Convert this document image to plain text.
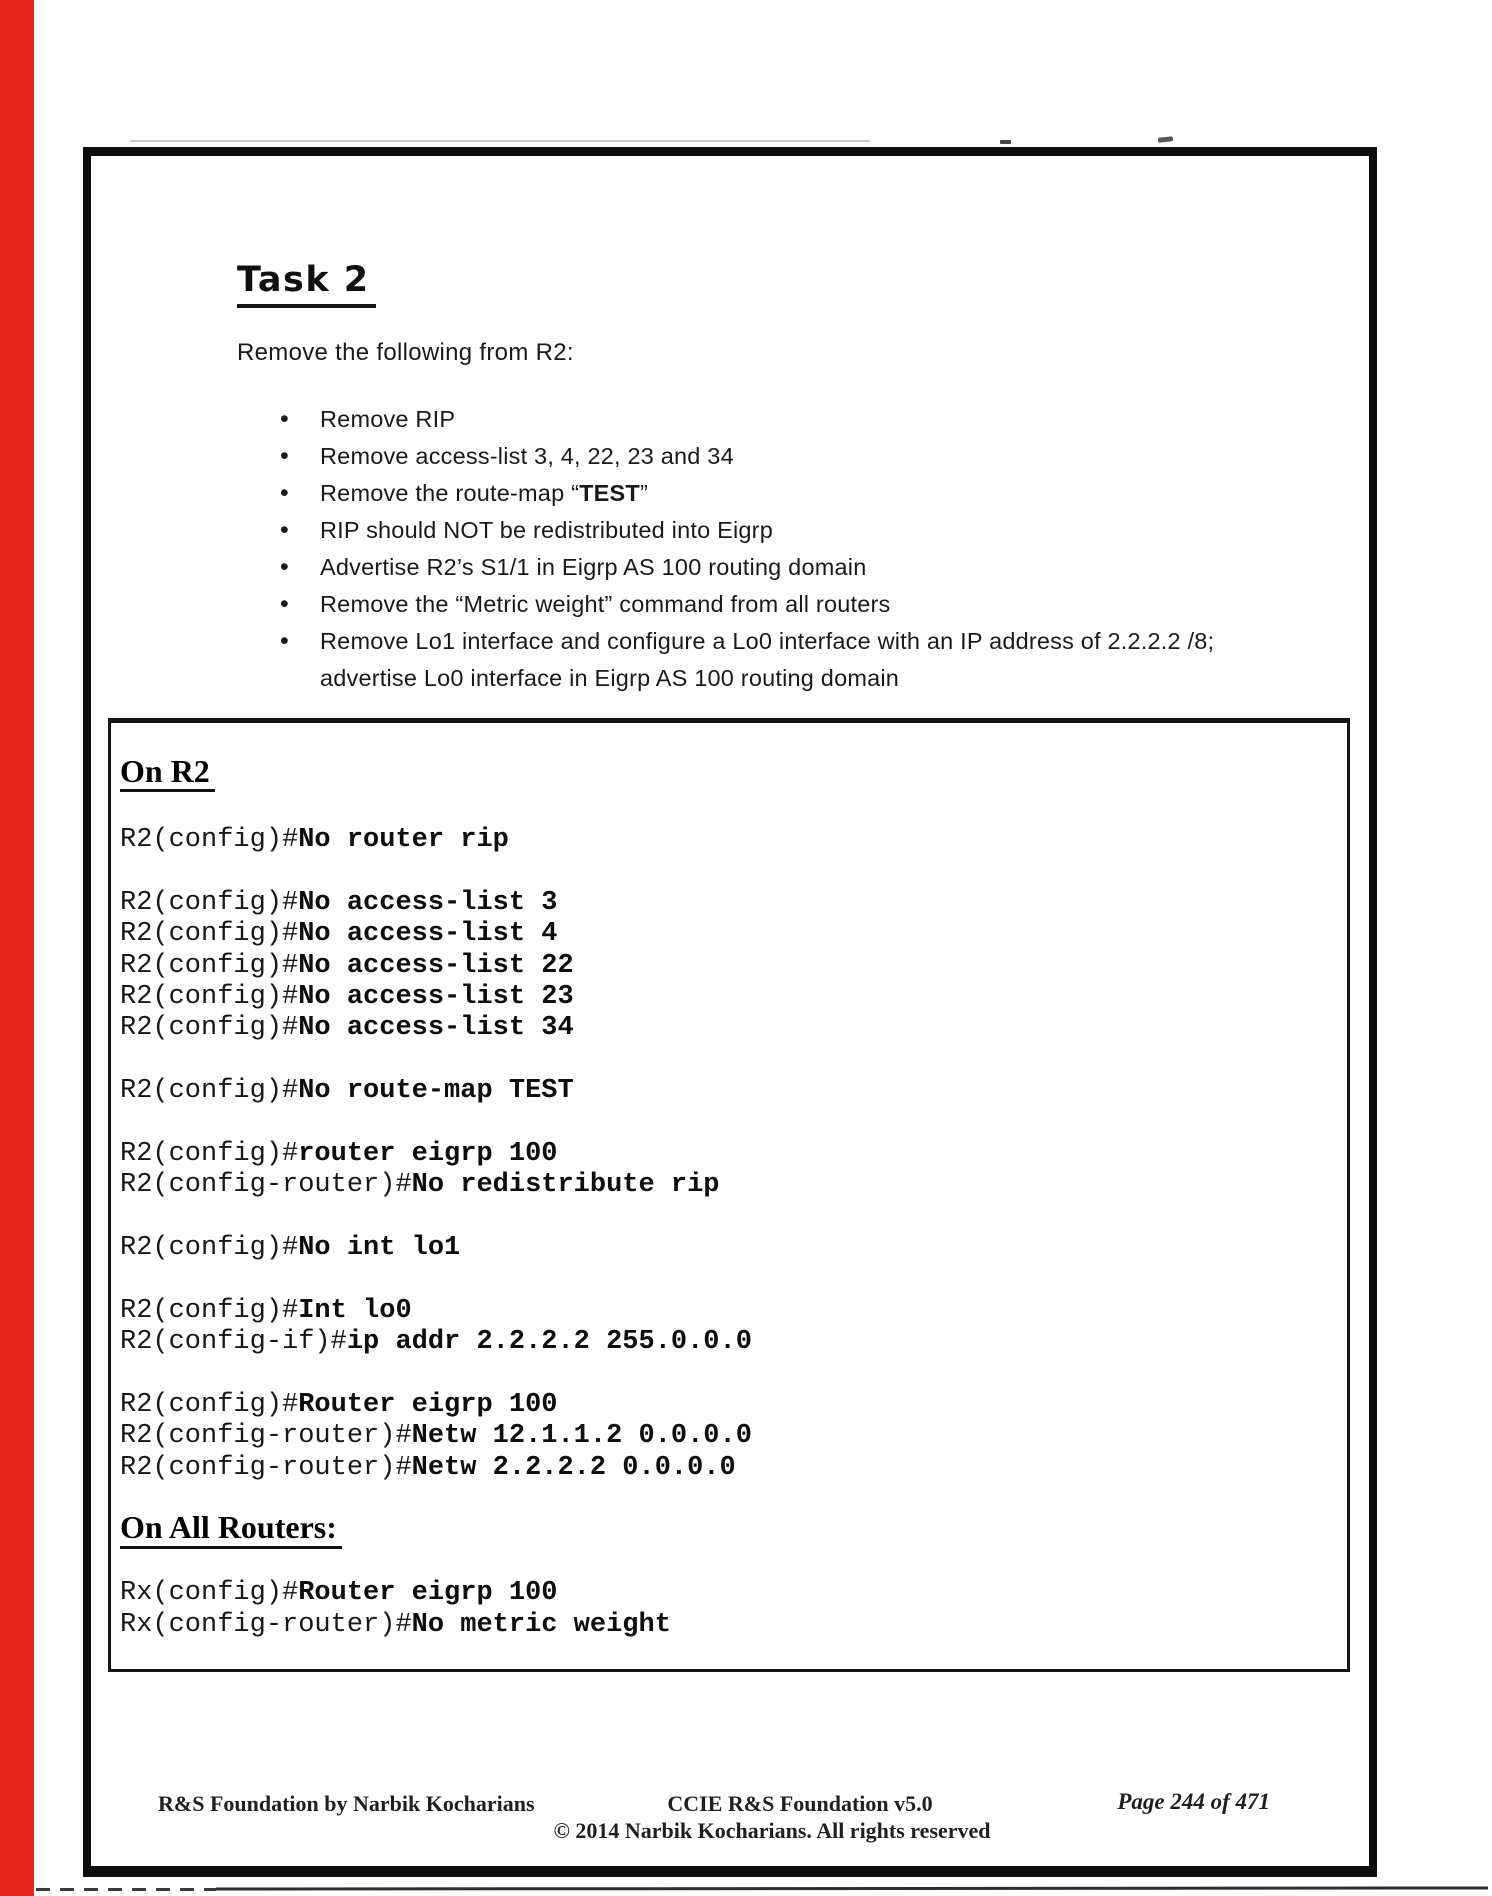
Task 2
Remove the following from R2:
• Remove RIP
• Remove access-list 3, 4, 22, 23 and 34
• Remove the route-map “TEST”
• RIP should NOT be redistributed into Eigrp
• Advertise R2’s S1/1 in Eigrp AS 100 routing domain
• Remove the “Metric weight” command from all routers
• Remove Lo1 interface and configure a Lo0 interface with an IP address of 2.2.2.2 /8;
advertise Lo0 interface in Eigrp AS 100 routing domain
On R2
R2(config)#No router rip

R2(config)#No access-list 3
R2(config)#No access-list 4
R2(config)#No access-list 22
R2(config)#No access-list 23
R2(config)#No access-list 34

R2(config)#No route-map TEST

R2(config)#router eigrp 100
R2(config-router)#No redistribute rip

R2(config)#No int lo1

R2(config)#Int lo0
R2(config-if)#ip addr 2.2.2.2 255.0.0.0

R2(config)#Router eigrp 100
R2(config-router)#Netw 12.1.1.2 0.0.0.0
R2(config-router)#Netw 2.2.2.2 0.0.0.0

On All Routers:

Rx(config)#Router eigrp 100
Rx(config-router)#No metric weight
R&S Foundation by Narbik Kocharians	CCIE R&S Foundation v5.0	Page 244 of 471
© 2014 Narbik Kocharians. All rights reserved
